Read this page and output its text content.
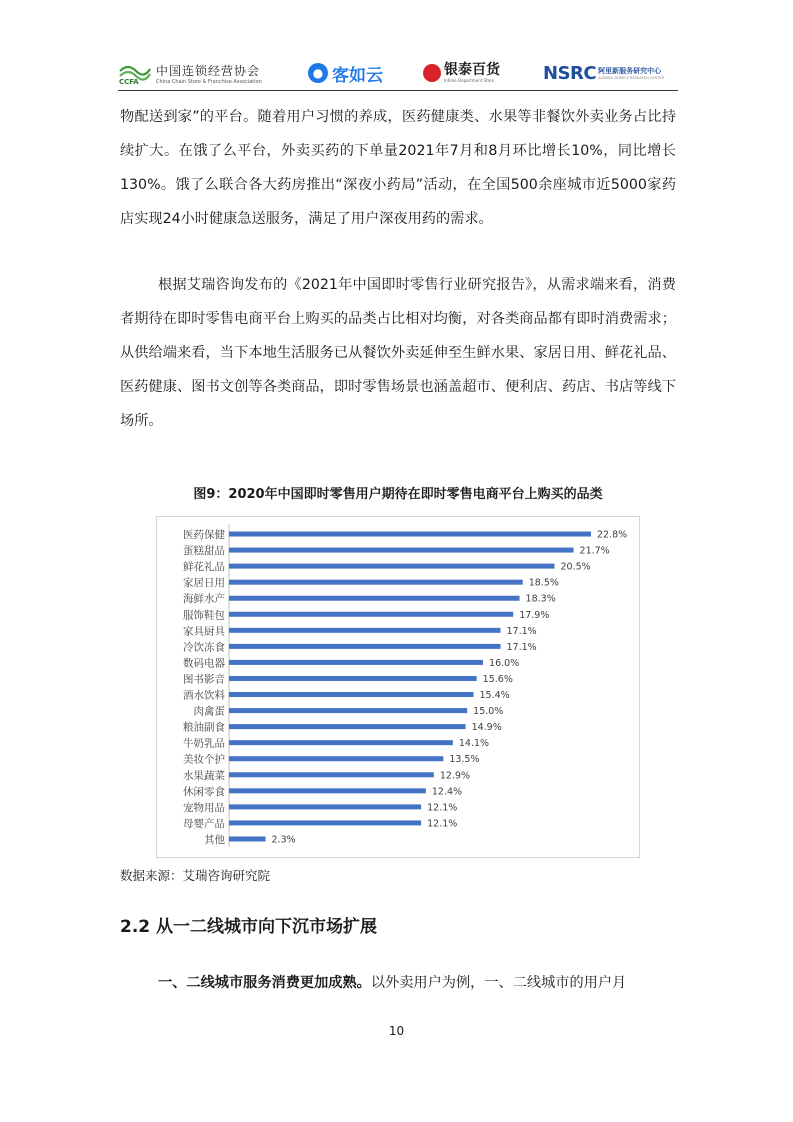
CCFA
中国连锁经营协会
China Chain Store & Franchise Association
● 客如云	银泰百货
Intime Department Store	NSRC 阿里新服务研究中心
ALIBABA SERVICE RESEARCH CENTER

物配送到家”的平台。随着用户习惯的养成，医药健康类、水果等非餐饮外卖业务占比持续扩大。在饿了么平台，外卖买药的下单量2021年7月和8月环比增长10%，同比增长130%。饿了么联合各大药房推出“深夜小药局”活动，在全国500余座城市近5000家药店实现24小时健康急送服务，满足了用户深夜用药的需求。

根据艾瑞咨询发布的《2021年中国即时零售行业研究报告》，从需求端来看，消费者期待在即时零售电商平台上购买的品类占比相对均衡，对各类商品都有即时消费需求；从供给端来看，当下本地生活服务已从餐饮外卖延伸至生鲜水果、家居日用、鲜花礼品、医药健康、图书文创等各类商品，即时零售场景也涵盖超市、便利店、药店、书店等线下场所。

图9：2020年中国即时零售用户期待在即时零售电商平台上购买的品类

医药保健	22.8%
蛋糕甜品	21.7%
鲜花礼品	20.5%
家居日用	18.5%
海鲜水产	18.3%
服饰鞋包	17.9%
家具厨具	17.1%
冷饮冻食	17.1%
数码电器	16.0%
图书影音	15.6%
酒水饮料	15.4%
肉禽蛋	15.0%
粮油副食	14.9%
牛奶乳品	14.1%
美妆个护	13.5%
水果蔬菜	12.9%
休闲零食	12.4%
宠物用品	12.1%
母婴产品	12.1%
其他	2.3%

数据来源：艾瑞咨询研究院

2.2 从一二线城市向下沉市场扩展

一、二线城市服务消费更加成熟。以外卖用户为例，一、二线城市的用户月

10
